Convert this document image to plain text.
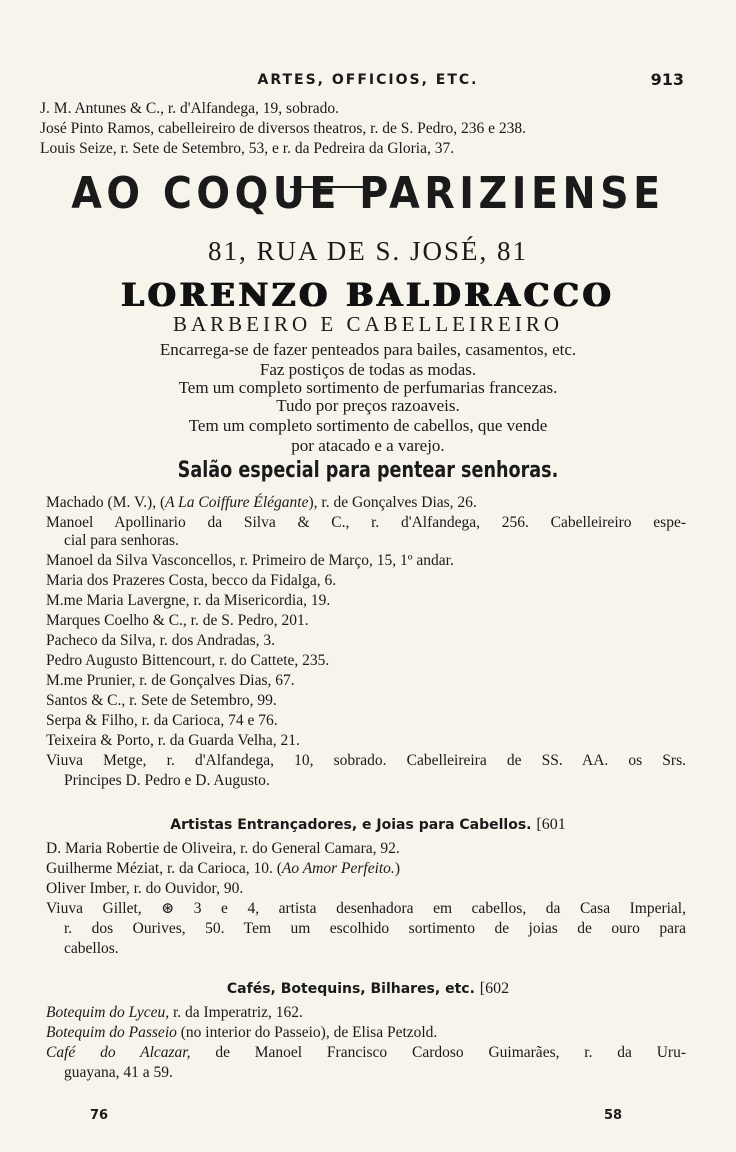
ARTES, OFFICIOS, ETC.	913
J. M. Antunes & C., r. d'Alfandega, 19, sobrado.
José Pinto Ramos, cabelleireiro de diversos theatros, r. de S. Pedro, 236 e 238.
Louis Seize, r. Sete de Setembro, 53, e r. da Pedreira da Gloria, 37.
AO COQUE PARIZIENSE
81, RUA DE S. JOSÉ, 81
LORENZO BALDRACCO
BARBEIRO E CABELLEIREIRO
Encarrega-se de fazer penteados para bailes, casamentos, etc.
Faz postiços de todas as modas.
Tem um completo sortimento de perfumarias francezas.
Tudo por preços razoaveis.
Tem um completo sortimento de cabellos, que vende
por atacado e a varejo.
Salão especial para pentear senhoras.
Machado (M. V.), (A La Coiffure Élégante), r. de Gonçalves Dias, 26.
Manoel Apollinario da Silva & C., r. d'Alfandega, 256. Cabelleireiro espe-
cial para senhoras.
Manoel da Silva Vasconcellos, r. Primeiro de Março, 15, 1º andar.
Maria dos Prazeres Costa, becco da Fidalga, 6.
M.me Maria Lavergne, r. da Misericordia, 19.
Marques Coelho & C., r. de S. Pedro, 201.
Pacheco da Silva, r. dos Andradas, 3.
Pedro Augusto Bittencourt, r. do Cattete, 235.
M.me Prunier, r. de Gonçalves Dias, 67.
Santos & C., r. Sete de Setembro, 99.
Serpa & Filho, r. da Carioca, 74 e 76.
Teixeira & Porto, r. da Guarda Velha, 21.
Viuva Metge, r. d'Alfandega, 10, sobrado. Cabelleireira de SS. AA. os Srs.
Principes D. Pedro e D. Augusto.
Artistas Entrançadores, e Joias para Cabellos. [601
D. Maria Robertie de Oliveira, r. do General Camara, 92.
Guilherme Méziat, r. da Carioca, 10. (Ao Amor Perfeito.)
Oliver Imber, r. do Ouvidor, 90.
Viuva Gillet, ⊛ 3 e 4, artista desenhadora em cabellos, da Casa Imperial,
r. dos Ourives, 50. Tem um escolhido sortimento de joias de ouro para
cabellos.
Cafés, Botequins, Bilhares, etc. [602
Botequim do Lyceu, r. da Imperatriz, 162.
Botequim do Passeio (no interior do Passeio), de Elisa Petzold.
Café do Alcazar, de Manoel Francisco Cardoso Guimarães, r. da Uru-
guayana, 41 a 59.
76	58
